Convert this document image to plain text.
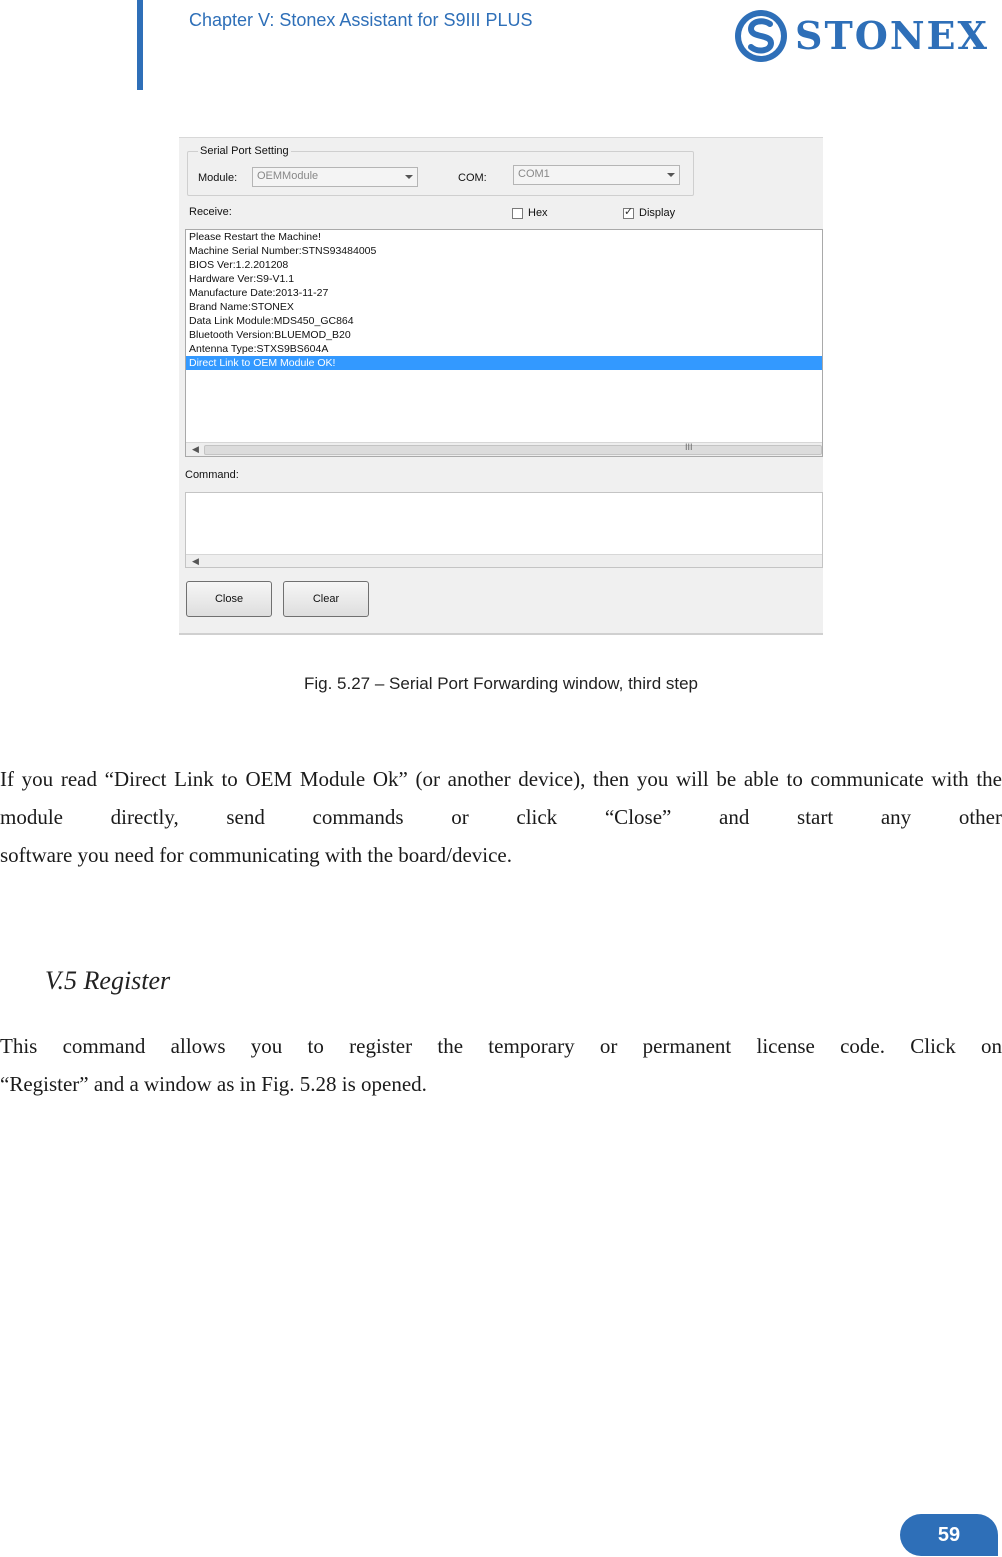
Chapter V: Stonex Assistant for S9III PLUS	STONEX
Serial Port Setting
Module:	OEMModule	COM:	COM1
Receive:	Hex	✓ Display
Please Restart the Machine!
Machine Serial Number:STNS93484005
BIOS Ver:1.2.201208
Hardware Ver:S9-V1.1
Manufacture Date:2013-11-27
Brand Name:STONEX
Data Link Module:MDS450_GC864
Bluetooth Version:BLUEMOD_B20
Antenna Type:STXS9BS604A
Direct Link to OEM Module OK!
◀	III
Command:
◀
Close	Clear
Fig. 5.27 – Serial Port Forwarding window, third step
If you read “Direct Link to OEM Module Ok” (or another device), then you will be able to communicate with the module directly, send commands or click “Close” and start any other
software you need for communicating with the board/device.
V.5 Register
This command allows you to register the temporary or permanent license code. Click on
“Register” and a window as in Fig. 5.28 is opened.
59
